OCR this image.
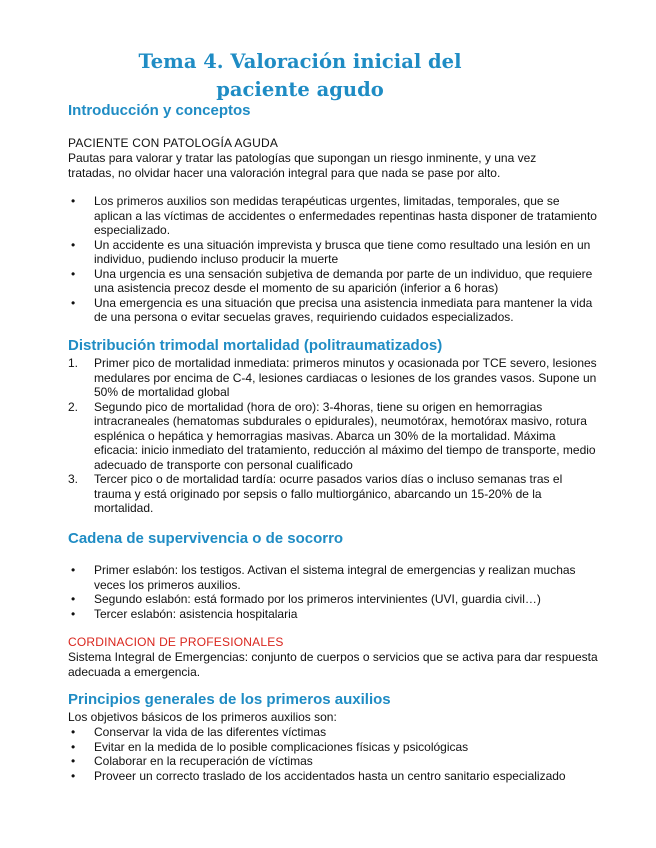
Tema 4. Valoración inicial del
paciente agudo
Introducción y conceptos
PACIENTE CON PATOLOGÍA AGUDA
Pautas para valorar y tratar las patologías que supongan un riesgo inminente, y una vez tratadas, no olvidar hacer una valoración integral para que nada se pase por alto.
• Los primeros auxilios son medidas terapéuticas urgentes, limitadas, temporales, que se aplican a las víctimas de accidentes o enfermedades repentinas hasta disponer de tratamiento especializado.
• Un accidente es una situación imprevista y brusca que tiene como resultado una lesión en un individuo, pudiendo incluso producir la muerte
• Una urgencia es una sensación subjetiva de demanda por parte de un individuo, que requiere una asistencia precoz desde el momento de su aparición (inferior a 6 horas)
• Una emergencia es una situación que precisa una asistencia inmediata para mantener la vida de una persona o evitar secuelas graves, requiriendo cuidados especializados.
Distribución trimodal mortalidad (politraumatizados)
1. Primer pico de mortalidad inmediata: primeros minutos y ocasionada por TCE severo, lesiones medulares por encima de C-4, lesiones cardiacas o lesiones de los grandes vasos. Supone un 50% de mortalidad global
2. Segundo pico de mortalidad (hora de oro): 3-4horas, tiene su origen en hemorragias intracraneales (hematomas subdurales o epidurales), neumotórax, hemotórax masivo, rotura esplénica o hepática y hemorragias masivas. Abarca un 30% de la mortalidad. Máxima eficacia: inicio inmediato del tratamiento, reducción al máximo del tiempo de transporte, medio adecuado de transporte con personal cualificado
3. Tercer pico o de mortalidad tardía: ocurre pasados varios días o incluso semanas tras el trauma y está originado por sepsis o fallo multiorgánico, abarcando un 15-20% de la mortalidad.
Cadena de supervivencia o de socorro
• Primer eslabón: los testigos. Activan el sistema integral de emergencias y realizan muchas veces los primeros auxilios.
• Segundo eslabón: está formado por los primeros intervinientes (UVI, guardia civil…)
• Tercer eslabón: asistencia hospitalaria
CORDINACION DE PROFESIONALES
Sistema Integral de Emergencias: conjunto de cuerpos o servicios que se activa para dar respuesta adecuada a emergencia.
Principios generales de los primeros auxilios
Los objetivos básicos de los primeros auxilios son:
• Conservar la vida de las diferentes víctimas
• Evitar en la medida de lo posible complicaciones físicas y psicológicas
• Colaborar en la recuperación de víctimas
• Proveer un correcto traslado de los accidentados hasta un centro sanitario especializado
